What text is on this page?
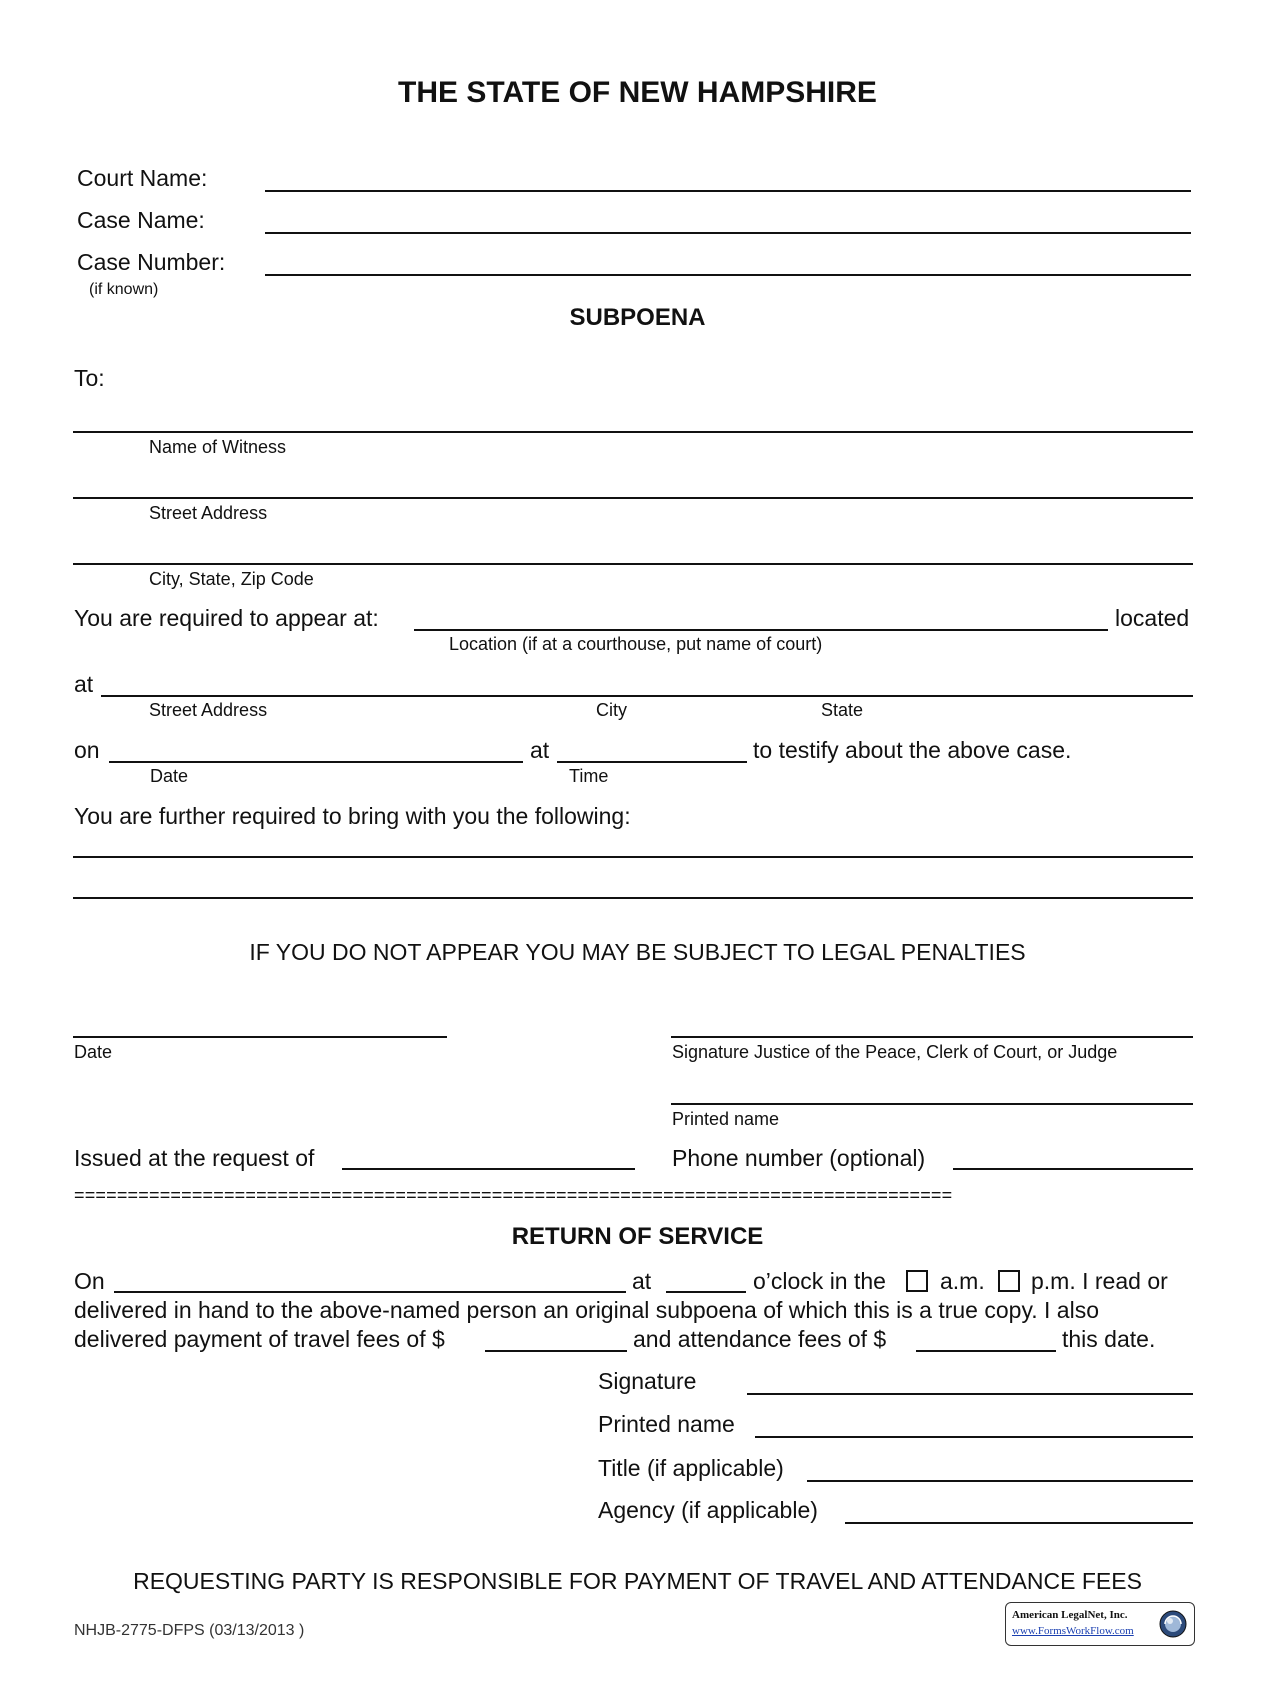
THE STATE OF NEW HAMPSHIRE
Court Name:
Case Name:
Case Number:
(if known)
SUBPOENA
To:
Name of Witness
Street Address
City, State, Zip Code
You are required to appear at:	located
Location (if at a courthouse, put name of court)
at
Street Address	City	State
on	at	to testify about the above case.
Date	Time
You are further required to bring with you the following:
IF YOU DO NOT APPEAR YOU MAY BE SUBJECT TO LEGAL PENALTIES
Date	Signature Justice of the Peace, Clerk of Court, or Judge
Printed name
Issued at the request of	Phone number (optional)
==================================================================================
RETURN OF SERVICE
On	at	o’clock in the a.m. p.m. I read or
delivered in hand to the above-named person an original subpoena of which this is a true copy. I also
delivered payment of travel fees of $	and attendance fees of $	this date.
Signature
Printed name
Title (if applicable)
Agency (if applicable)
REQUESTING PARTY IS RESPONSIBLE FOR PAYMENT OF TRAVEL AND ATTENDANCE FEES
NHJB-2775-DFPS (03/13/2013 )
American LegalNet, Inc.
www.FormsWorkFlow.com
